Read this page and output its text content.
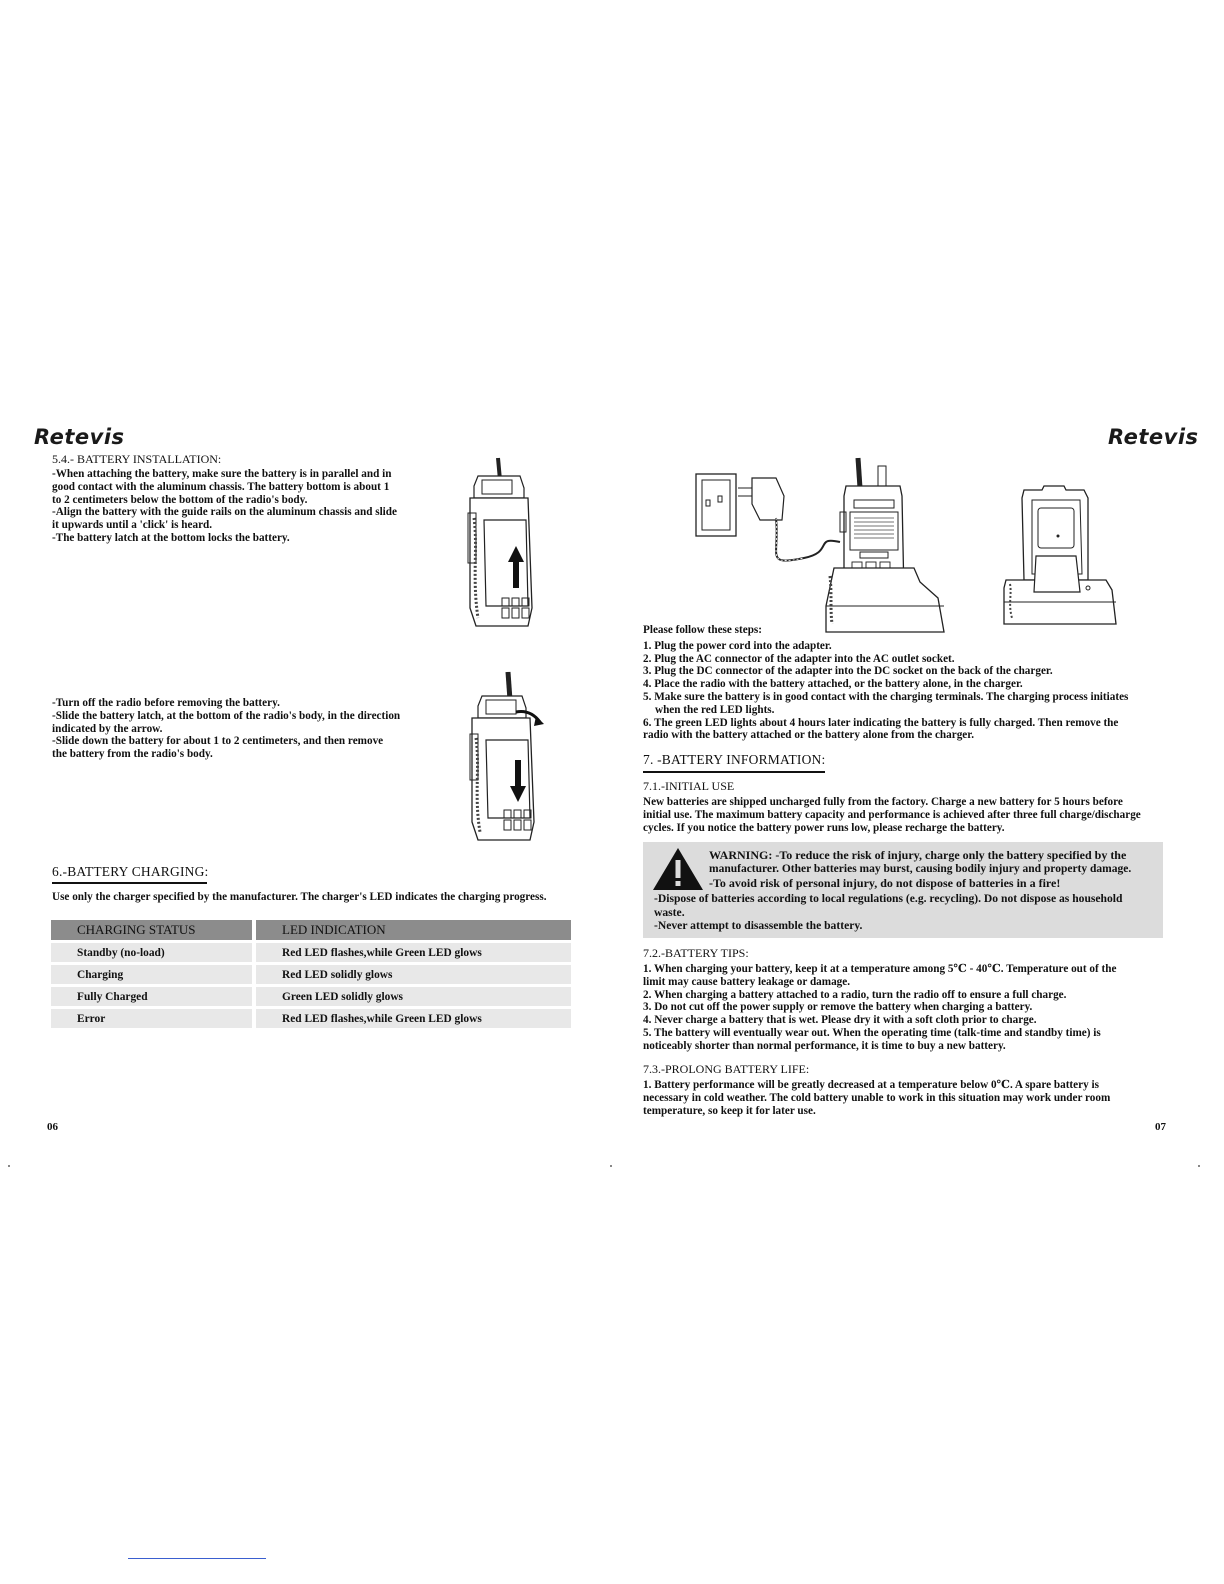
Retevis
5.4.- BATTERY INSTALLATION:
-When attaching the battery, make sure the battery is in parallel and in
good contact with the aluminum chassis. The battery bottom is about 1
to 2 centimeters below the bottom of the radio's body.
-Align the battery with the guide rails on the aluminum chassis and slide
it upwards until a 'click' is heard.
-The battery latch at the bottom locks the battery.
-Turn off the radio before removing the battery.
-Slide the battery latch, at the bottom of the radio's body, in the direction
indicated by the arrow.
-Slide down the battery for about 1 to 2 centimeters, and then remove
the battery from the radio's body.
6.-BATTERY CHARGING:
Use only the charger specified by the manufacturer. The charger's LED indicates the charging progress.
CHARGING STATUS	LED INDICATION
Standby (no-load)	Red LED flashes,while Green LED glows
Charging	Red LED solidly glows
Fully Charged	Green LED solidly glows
Error	Red LED flashes,while Green LED glows
06
Retevis
Please follow these steps:
1. Plug the power cord into the adapter.
2. Plug the AC connector of the adapter into the AC outlet socket.
3. Plug the DC connector of the adapter into the DC socket on the back of the charger.
4. Place the radio with the battery attached, or the battery alone, in the charger.
5. Make sure the battery is in good contact with the charging terminals. The charging process initiates
when the red LED lights.
6. The green LED lights about 4 hours later indicating the battery is fully charged. Then remove the
radio with the battery attached or the battery alone from the charger.
7. -BATTERY INFORMATION:
7.1.-INITIAL USE
New batteries are shipped uncharged fully from the factory. Charge a new battery for 5 hours before
initial use. The maximum battery capacity and performance is achieved after three full charge/discharge
cycles. If you notice the battery power runs low, please recharge the battery.
WARNING: -To reduce the risk of injury, charge only the battery specified by the
manufacturer. Other batteries may burst, causing bodily injury and property damage.
-To avoid risk of personal injury, do not dispose of batteries in a fire!
-Dispose of batteries according to local regulations (e.g. recycling). Do not dispose as household
waste.
-Never attempt to disassemble the battery.
7.2.-BATTERY TIPS:
1. When charging your battery, keep it at a temperature among 5℃ - 40℃. Temperature out of the
limit may cause battery leakage or damage.
2. When charging a battery attached to a radio, turn the radio off to ensure a full charge.
3. Do not cut off the power supply or remove the battery when charging a battery.
4. Never charge a battery that is wet. Please dry it with a soft cloth prior to charge.
5. The battery will eventually wear out. When the operating time (talk-time and standby time) is
noticeably shorter than normal performance, it is time to buy a new battery.
7.3.-PROLONG BATTERY LIFE:
1. Battery performance will be greatly decreased at a temperature below 0℃. A spare battery is
necessary in cold weather. The cold battery unable to work in this situation may work under room
temperature, so keep it for later use.
07
